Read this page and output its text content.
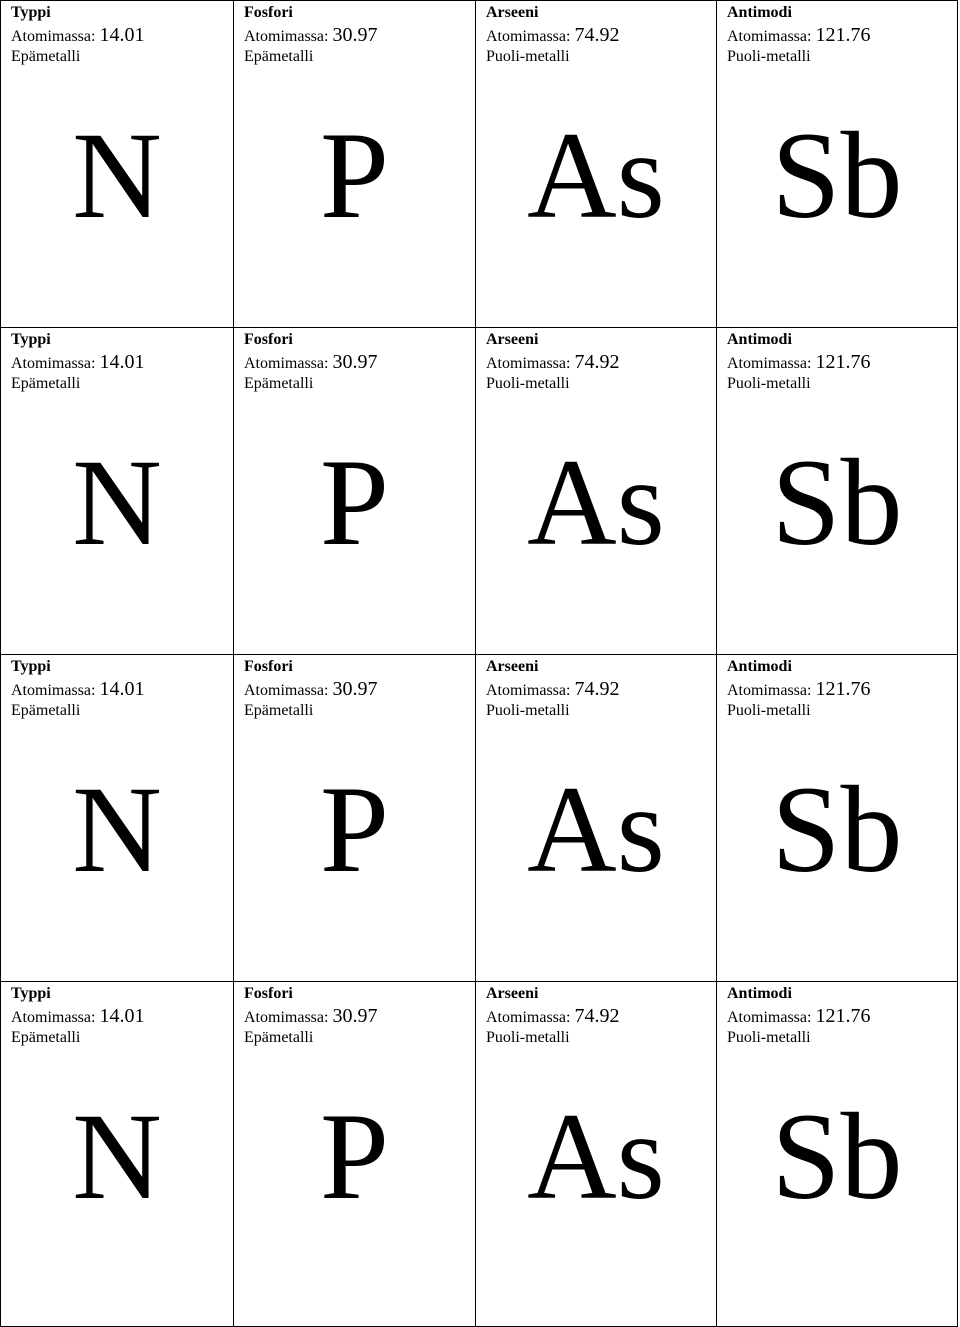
Typpi
Atomimassa: 14.01
Epämetalli
N
Fosfori
Atomimassa: 30.97
Epämetalli
P
Arseeni
Atomimassa: 74.92
Puoli-metalli
As
Antimodi
Atomimassa: 121.76
Puoli-metalli
Sb
Typpi
Atomimassa: 14.01
Epämetalli
N
Fosfori
Atomimassa: 30.97
Epämetalli
P
Arseeni
Atomimassa: 74.92
Puoli-metalli
As
Antimodi
Atomimassa: 121.76
Puoli-metalli
Sb
Typpi
Atomimassa: 14.01
Epämetalli
N
Fosfori
Atomimassa: 30.97
Epämetalli
P
Arseeni
Atomimassa: 74.92
Puoli-metalli
As
Antimodi
Atomimassa: 121.76
Puoli-metalli
Sb
Typpi
Atomimassa: 14.01
Epämetalli
N
Fosfori
Atomimassa: 30.97
Epämetalli
P
Arseeni
Atomimassa: 74.92
Puoli-metalli
As
Antimodi
Atomimassa: 121.76
Puoli-metalli
Sb
